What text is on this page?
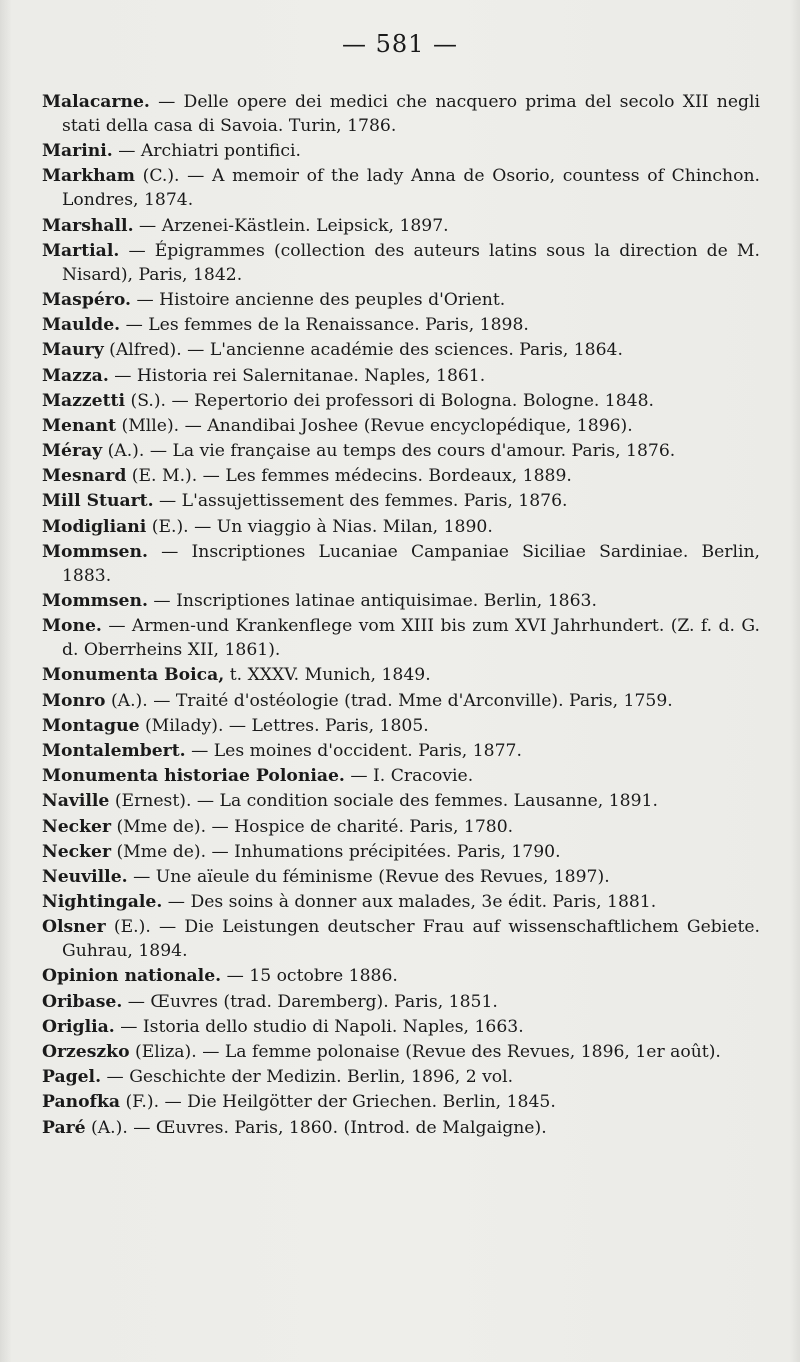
— 581 —

Malacarne. — Delle opere dei medici che nacquero prima del secolo XII negli stati della casa di Savoia. Turin, 1786.

Marini. — Archiatri pontifici.

Markham (C.). — A memoir of the lady Anna de Osorio, countess of Chinchon. Londres, 1874.

Marshall. — Arzenei-Kästlein. Leipsick, 1897.

Martial. — Épigrammes (collection des auteurs latins sous la direction de M. Nisard), Paris, 1842.

Maspéro. — Histoire ancienne des peuples d'Orient.

Maulde. — Les femmes de la Renaissance. Paris, 1898.

Maury (Alfred). — L'ancienne académie des sciences. Paris, 1864.

Mazza. — Historia rei Salernitanae. Naples, 1861.

Mazzetti (S.). — Repertorio dei professori di Bologna. Bologne. 1848.

Menant (Mlle). — Anandibai Joshee (Revue encyclopédique, 1896).

Méray (A.). — La vie française au temps des cours d'amour. Paris, 1876.

Mesnard (E. M.). — Les femmes médecins. Bordeaux, 1889.

Mill Stuart. — L'assujettissement des femmes. Paris, 1876.

Modigliani (E.). — Un viaggio à Nias. Milan, 1890.

Mommsen. — Inscriptiones Lucaniae Campaniae Siciliae Sardiniae. Berlin, 1883.

Mommsen. — Inscriptiones latinae antiquisimae. Berlin, 1863.

Mone. — Armen-und Krankenflege vom XIII bis zum XVI Jahrhundert. (Z. f. d. G. d. Oberrheins XII, 1861).

Monumenta Boica, t. XXXV. Munich, 1849.

Monro (A.). — Traité d'ostéologie (trad. Mme d'Arconville). Paris, 1759.

Montague (Milady). — Lettres. Paris, 1805.

Montalembert. — Les moines d'occident. Paris, 1877.

Monumenta historiae Poloniae. — I. Cracovie.

Naville (Ernest). — La condition sociale des femmes. Lausanne, 1891.

Necker (Mme de). — Hospice de charité. Paris, 1780.

Necker (Mme de). — Inhumations précipitées. Paris, 1790.

Neuville. — Une aïeule du féminisme (Revue des Revues, 1897).

Nightingale. — Des soins à donner aux malades, 3e édit. Paris, 1881.

Olsner (E.). — Die Leistungen deutscher Frau auf wissenschaftlichem Gebiete. Guhrau, 1894.

Opinion nationale. — 15 octobre 1886.

Oribase. — Œuvres (trad. Daremberg). Paris, 1851.

Origlia. — Istoria dello studio di Napoli. Naples, 1663.

Orzeszko (Eliza). — La femme polonaise (Revue des Revues, 1896, 1er août).

Pagel. — Geschichte der Medizin. Berlin, 1896, 2 vol.

Panofka (F.). — Die Heilgötter der Griechen. Berlin, 1845.

Paré (A.). — Œuvres. Paris, 1860. (Introd. de Malgaigne).
